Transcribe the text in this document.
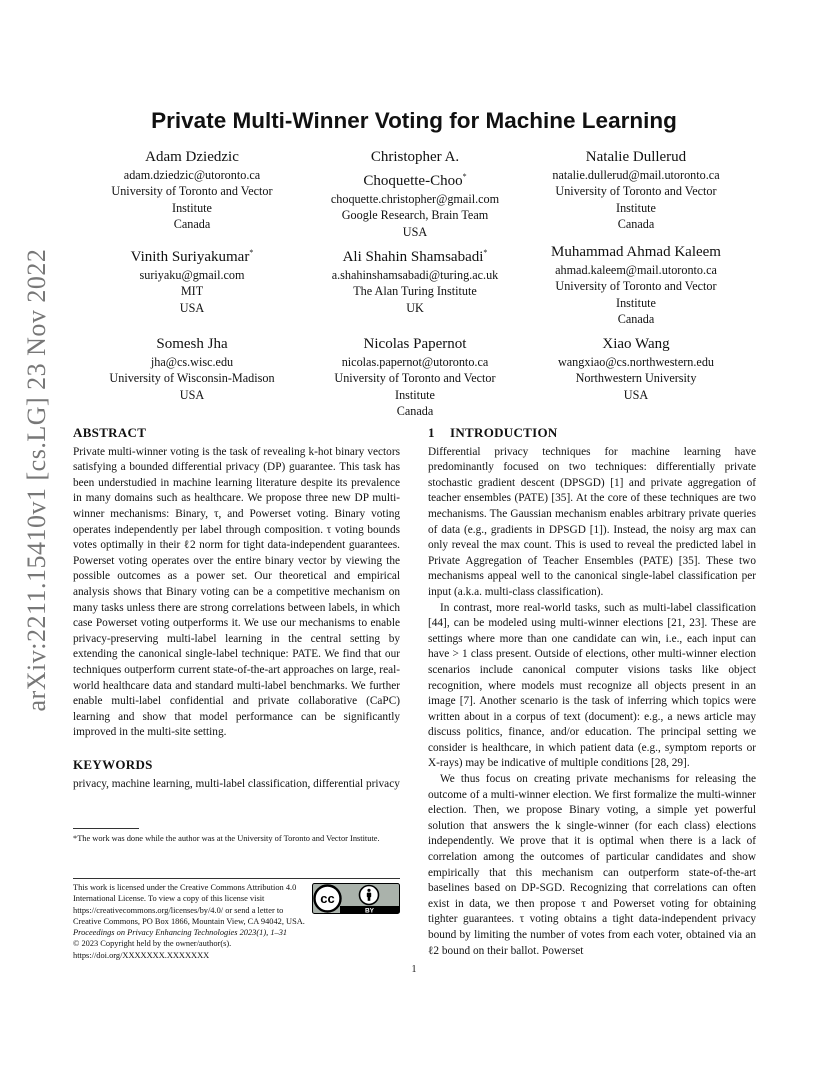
arXiv:2211.15410v1 [cs.LG] 23 Nov 2022
Private Multi-Winner Voting for Machine Learning
Adam Dziedzic
adam.dziedzic@utoronto.ca
University of Toronto and Vector
Institute
Canada
Christopher A.
Choquette-Choo*
choquette.christopher@gmail.com
Google Research, Brain Team
USA
Natalie Dullerud
natalie.dullerud@mail.utoronto.ca
University of Toronto and Vector
Institute
Canada
Vinith Suriyakumar*
suriyaku@gmail.com
MIT
USA
Ali Shahin Shamsabadi*
a.shahinshamsabadi@turing.ac.uk
The Alan Turing Institute
UK
Muhammad Ahmad Kaleem
ahmad.kaleem@mail.utoronto.ca
University of Toronto and Vector
Institute
Canada
Somesh Jha
jha@cs.wisc.edu
University of Wisconsin-Madison
USA
Nicolas Papernot
nicolas.papernot@utoronto.ca
University of Toronto and Vector
Institute
Canada
Xiao Wang
wangxiao@cs.northwestern.edu
Northwestern University
USA
ABSTRACT

Private multi-winner voting is the task of revealing k-hot binary vectors satisfying a bounded differential privacy (DP) guarantee. This task has been understudied in machine learning literature despite its prevalence in many domains such as healthcare. We propose three new DP multi-winner mechanisms: Binary, τ, and Powerset voting. Binary voting operates independently per label through composition. τ voting bounds votes optimally in their ℓ2 norm for tight data-independent guarantees. Powerset voting operates over the entire binary vector by viewing the possible outcomes as a power set. Our theoretical and empirical analysis shows that Binary voting can be a competitive mechanism on many tasks unless there are strong correlations between labels, in which case Powerset voting outperforms it. We use our mechanisms to enable privacy-preserving multi-label learning in the central setting by extending the canonical single-label technique: PATE. We find that our techniques outperform current state-of-the-art approaches on large, real-world healthcare data and standard multi-label benchmarks. We further enable multi-label confidential and private collaborative (CaPC) learning and show that model performance can be significantly improved in the multi-site setting.

KEYWORDS

privacy, machine learning, multi-label classification, differential privacy

*The work was done while the author was at the University of Toronto and Vector Institute.
This work is licensed under the Creative Commons Attribution 4.0 International License. To view a copy of this license visit https://creativecommons.org/licenses/by/4.0/ or send a letter to Creative Commons, PO Box 1866, Mountain View, CA 94042, USA.
Proceedings on Privacy Enhancing Technologies 2023(1), 1–31
© 2023 Copyright held by the owner/author(s).
https://doi.org/XXXXXXX.XXXXXXX
cc
BY
1 INTRODUCTION

Differential privacy techniques for machine learning have predominantly focused on two techniques: differentially private stochastic gradient descent (DPSGD) [1] and private aggregation of teacher ensembles (PATE) [35]. At the core of these techniques are two mechanisms. The Gaussian mechanism enables arbitrary private queries of data (e.g., gradients in DPSGD [1]). Instead, the noisy arg max can only reveal the max count. This is used to reveal the predicted label in Private Aggregation of Teacher Ensembles (PATE) [35]. These two mechanisms appeal well to the canonical single-label classification per input (a.k.a. multi-class classification).

In contrast, more real-world tasks, such as multi-label classification [44], can be modeled using multi-winner elections [21, 23]. These are settings where more than one candidate can win, i.e., each input can have > 1 class present. Outside of elections, other multi-winner election scenarios include canonical computer visions tasks like object recognition, where models must recognize all objects present in an image [7]. Another scenario is the task of inferring which topics were written about in a corpus of text (document): e.g., a news article may discuss politics, finance, and/or education. The principal setting we consider is healthcare, in which patient data (e.g., symptom reports or X-rays) may be indicative of multiple conditions [28, 29].

We thus focus on creating private mechanisms for releasing the outcome of a multi-winner election. We first formalize the multi-winner election. Then, we propose Binary voting, a simple yet powerful solution that answers the k single-winner (for each class) elections independently. We prove that it is optimal when there is a lack of correlation among the outcomes of particular candidates and show empirically that this mechanism can outperform state-of-the-art baselines based on DP-SGD. Recognizing that correlations can often exist in data, we then propose τ and Powerset voting for obtaining tighter guarantees. τ voting obtains a tight data-independent privacy bound by limiting the number of votes from each voter, obtained via an ℓ2 bound on their ballot. Powerset

1
